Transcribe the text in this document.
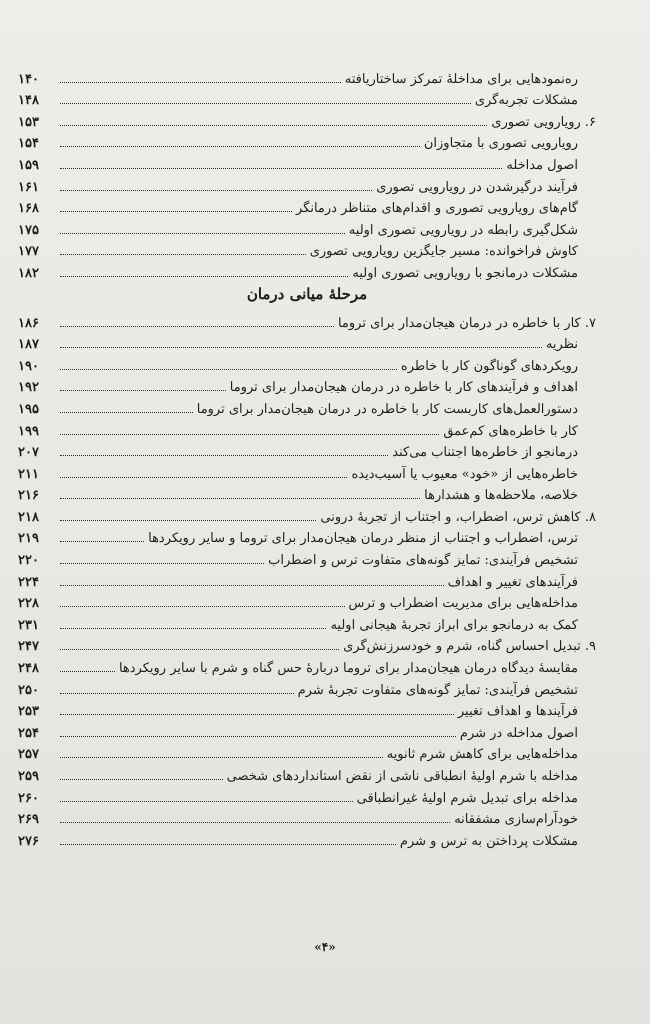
ره‌نمودهایی برای مداخلهٔ تمرکز ساختاریافته
۱۴۰
مشکلات تجربه‌گری
۱۴۸
۶. رویارویی تصوری
۱۵۳
رویارویی تصوری با متجاوزان
۱۵۴
اصول مداخله
۱۵۹
فرآیند درگیرشدن در رویارویی تصوری
۱۶۱
گام‌های رویارویی تصوری و اقدام‌های متناظر درمانگر
۱۶۸
شکل‌گیری رابطه در رویارویی تصوری اولیه
۱۷۵
کاوش فراخوانده: مسیر جایگزین رویارویی تصوری
۱۷۷
مشکلات درمانجو با رویارویی تصوری اولیه
۱۸۲
مرحلهٔ میانی درمان
۷. کار با خاطره در درمان هیجان‌مدار برای تروما
۱۸۶
نظریه
۱۸۷
رویکردهای گوناگون کار با خاطره
۱۹۰
اهداف و فرآیندهای کار با خاطره در درمان هیجان‌مدار برای تروما
۱۹۲
دستورالعمل‌های کاربست کار با خاطره در درمان هیجان‌مدار برای تروما
۱۹۵
کار با خاطره‌های کم‌عمق
۱۹۹
درمانجو از خاطره‌ها اجتناب می‌کند
۲۰۷
خاطره‌هایی از «خود» معیوب یا آسیب‌دیده
۲۱۱
خلاصه، ملاحظه‌ها و هشدارها
۲۱۶
۸. کاهش ترس، اضطراب، و اجتناب از تجربهٔ درونی
۲۱۸
ترس، اضطراب و اجتناب از منظر درمان هیجان‌مدار برای تروما و سایر رویکردها
۲۱۹
تشخیص فرآیندی: تمایز گونه‌های متفاوت ترس و اضطراب
۲۲۰
فرآیندهای تغییر و اهداف
۲۲۴
مداخله‌هایی برای مدیریت اضطراب و ترس
۲۲۸
کمک به درمانجو برای ابراز تجربهٔ هیجانی اولیه
۲۳۱
۹. تبدیل احساس گناه، شرم و خودسرزنش‌گری
۲۴۷
مقایسهٔ دیدگاه درمان هیجان‌مدار برای تروما دربارهٔ حس گناه و شرم با سایر رویکردها
۲۴۸
تشخیص فرآیندی: تمایز گونه‌های متفاوت تجربهٔ شرم
۲۵۰
فرآیندها و اهداف تغییر
۲۵۳
اصول مداخله در شرم
۲۵۴
مداخله‌هایی برای کاهش شرم ثانویه
۲۵۷
مداخله با شرم اولیهٔ انطباقی ناشی از نقض استانداردهای شخصی
۲۵۹
مداخله برای تبدیل شرم اولیهٔ غیرانطباقی
۲۶۰
خودآرام‌سازی مشفقانه
۲۶۹
مشکلات پرداختن به ترس و شرم
۲۷۶
«۴»
